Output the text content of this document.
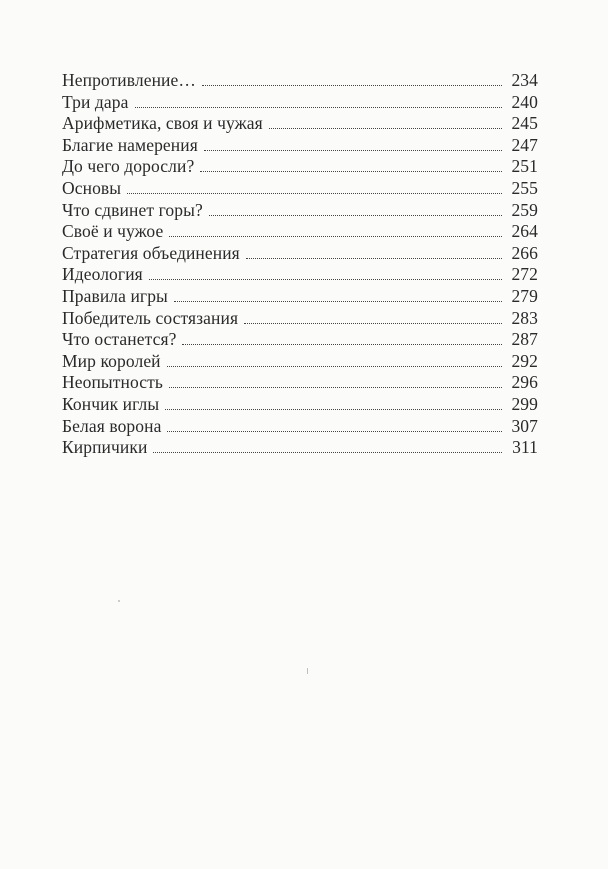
Непротивление…	234
Три дара	240
Арифметика, своя и чужая	245
Благие намерения	247
До чего доросли?	251
Основы	255
Что сдвинет горы?	259
Своё и чужое	264
Стратегия объединения	266
Идеология	272
Правила игры	279
Победитель состязания	283
Что останется?	287
Мир королей	292
Неопытность	296
Кончик иглы	299
Белая ворона	307
Кирпичики	311
